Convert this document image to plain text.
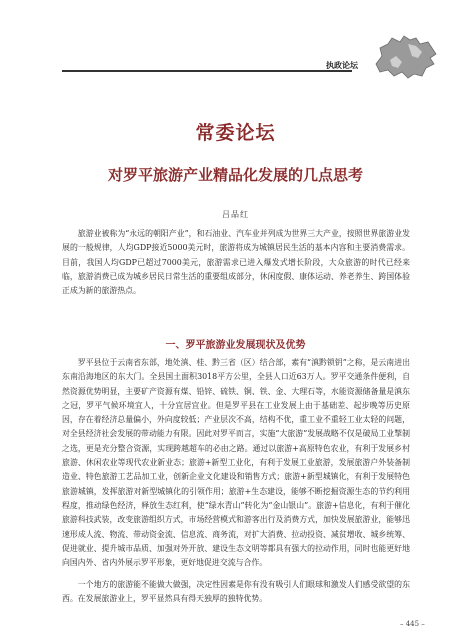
执政论坛
常委论坛
对罗平旅游产业精品化发展的几点思考
吕品红

旅游业被称为“永远的朝阳产业”，和石油业、汽车业并列成为世界三大产业，按照世界旅游业发展的一般规律，人均GDP接近5000美元时，旅游将成为城镇居民生活的基本内容和主要消费需求。目前，我国人均GDP已超过7000美元，旅游需求已进入爆发式增长阶段，大众旅游的时代已经来临，旅游消费已成为城乡居民日常生活的重要组成部分，休闲度假、康体运动、养老养生、跨国体验正成为新的旅游热点。

一、罗平旅游业发展现状及优势

罗平县位于云南省东部，地处滇、桂、黔三省（区）结合部，素有“滇黔锁钥”之称，是云南进出东南沿海地区的东大门。全县国土面积3018平方公里，全县人口近63万人。罗平交通条件便利，自然资源优势明显，主要矿产资源有煤、铅锌、硫铁、铜、铁、金、大理石等，水能资源储备量是滇东之冠，罗平气候环境宜人，十分宜居宜业。但是罗平县在工业发展上由于基础差、起步晚等历史原因，存在着经济总量偏小，外向度较低；产业层次不高，结构不优，重工业不重轻工业太轻的问题，对全县经济社会发展的带动能力有限。因此对罗平而言，实施“大旅游”发展战略不仅是破局工业掣制之选，更是充分整合资源，实现跨越超车的必由之路。通过以旅游+高原特色农业，有利于发展乡村旅游、休闲农业等现代农业新业态；旅游+新型工业化，有利于发展工业旅游，发展旅游户外装备制造业、特色旅游工艺品加工业，创新企业文化建设和销售方式；旅游+新型城镇化，有利于发展特色旅游城镇，发挥旅游对新型城镇化的引领作用；旅游+生态建设，能够不断挖掘资源生态的节约利用程度，推动绿色经济，释放生态红利，使“绿水青山”转化为“金山银山”。旅游+信息化，有利于催化旅游科技武装，改变旅游组织方式，市场经营模式和游客出行及消费方式，加快发展旅游业，能够迅速形成人流、物流、带动资金流、信息流、商务流，对扩大消费、拉动投资、减贫增收、城乡统筹、促进就业、提升城市品质、加强对外开放、建设生态文明等都具有强大的拉动作用，同时也能更好地向国内外、省内外展示罗平形象，更好地促进交流与合作。

一个地方的旅游能不能做大做强，决定性因素是你有没有吸引人们眼球和激发人们感受欲望的东西。在发展旅游业上，罗平显然具有得天独厚的独特优势。

– 445 –
